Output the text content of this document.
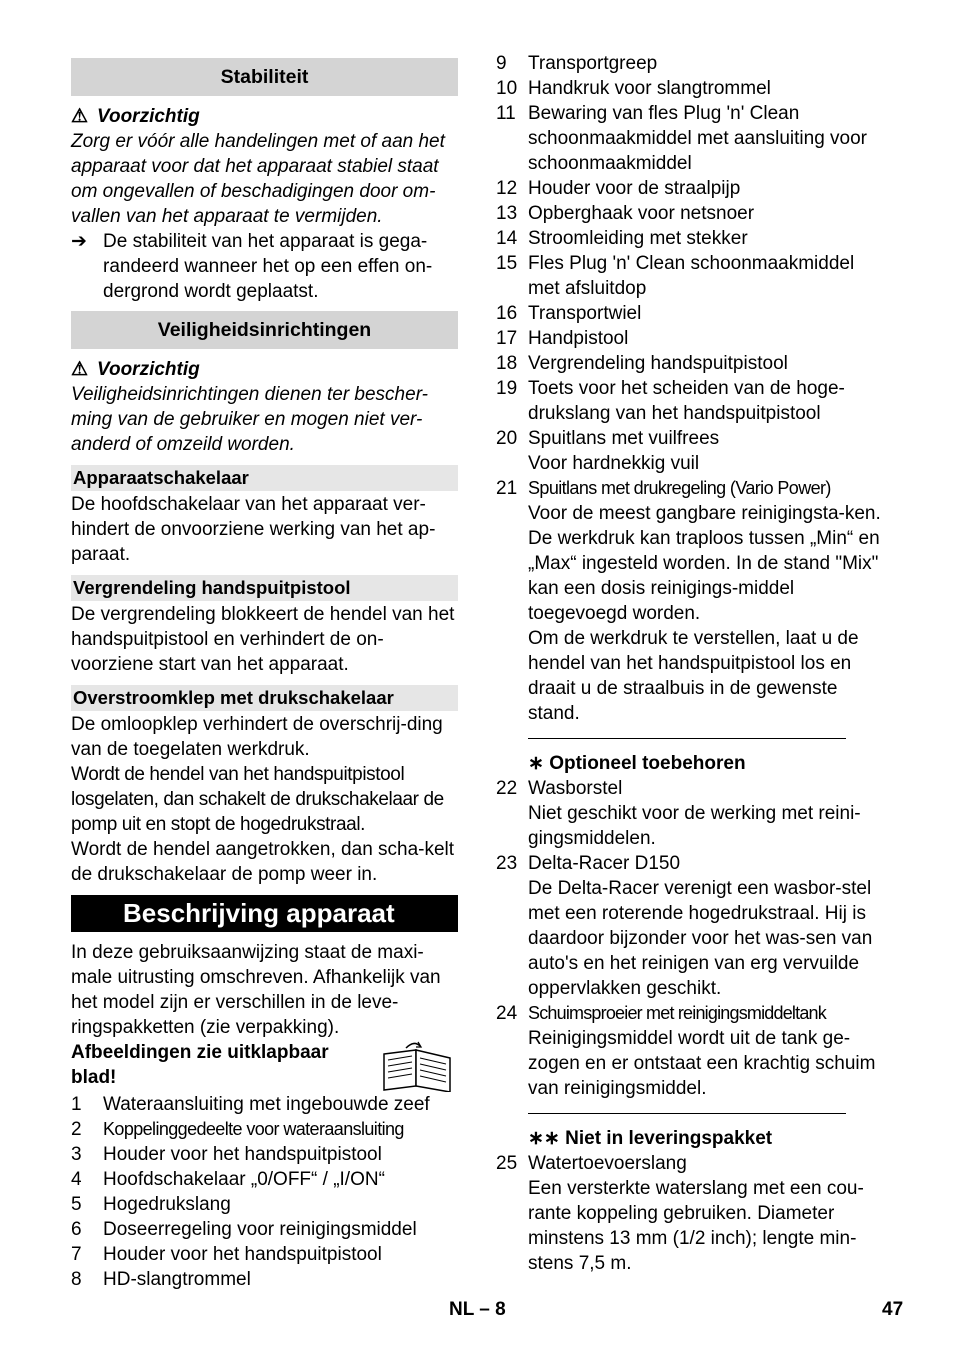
Stabiliteit
⚠ Voorzichtig

Zorg er vóór alle handelingen met of aan het apparaat voor dat het apparaat stabiel staat om ongevallen of beschadigingen door om-vallen van het apparaat te vermijden.

➔ De stabiliteit van het apparaat is gega-randeerd wanneer het op een effen on-dergrond wordt geplaatst.
Veiligheidsinrichtingen
⚠ Voorzichtig

Veiligheidsinrichtingen dienen ter bescher-ming van de gebruiker en mogen niet ver-anderd of omzeild worden.

Apparaatschakelaar

De hoofdschakelaar van het apparaat ver-hindert de onvoorziene werking van het ap-paraat.

Vergrendeling handspuitpistool

De vergrendeling blokkeert de hendel van het handspuitpistool en verhindert de on-voorziene start van het apparaat.

Overstroomklep met drukschakelaar

De omloopklep verhindert de overschrij-ding van de toegelaten werkdruk.

Wordt de hendel van het handspuitpistool losgelaten, dan schakelt de drukschakelaar de pomp uit en stopt de hogedrukstraal.

Wordt de hendel aangetrokken, dan scha-kelt de drukschakelaar de pomp weer in.

Beschrijving apparaat

In deze gebruiksaanwijzing staat de maxi-male uitrusting omschreven. Afhankelijk van het model zijn er verschillen in de leve-ringspakketten (zie verpakking).

Afbeeldingen zie uitklapbaar blad!
1	Wateraansluiting met ingebouwde zeef
2	Koppelinggedeelte voor wateraansluiting
3	Houder voor het handspuitpistool
4	Hoofdschakelaar „0/OFF“ / „I/ON“
5	Hogedrukslang
6	Doseerregeling voor reinigingsmiddel
7	Houder voor het handspuitpistool
8	HD-slangtrommel
9	Transportgreep
10 Handkruk voor slangtrommel
11 Bewaring van fles Plug 'n' Clean schoonmaakmiddel met aansluiting voor schoonmaakmiddel
12 Houder voor de straalpijp
13 Opberghaak voor netsnoer
14 Stroomleiding met stekker
15 Fles Plug 'n' Clean schoonmaakmiddel met afsluitdop
16 Transportwiel
17 Handpistool
18 Vergrendeling handspuitpistool
19 Toets voor het scheiden van de hoge-drukslang van het handspuitpistool
20 Spuitlans met vuilfrees

Voor hardnekkig vuil

21 Spuitlans met drukregeling (Vario Power)

Voor de meest gangbare reinigingsta-ken. De werkdruk kan traploos tussen „Min“ en „Max“ ingesteld worden. In de stand "Mix" kan een dosis reinigings-middel toegevoegd worden.

Om de werkdruk te verstellen, laat u de hendel van het handspuitpistool los en draait u de straalbuis in de gewenste stand.

∗ Optioneel toebehoren
22 Wasborstel

Niet geschikt voor de werking met reini-gingsmiddelen.

23 Delta-Racer D150

De Delta-Racer verenigt een wasbor-stel met een roterende hogedrukstraal. Hij is daardoor bijzonder voor het was-sen van auto's en het reinigen van erg vervuilde oppervlakken geschikt.

24 Schuimsproeier met reinigingsmiddeltank

Reinigingsmiddel wordt uit de tank ge-zogen en er ontstaat een krachtig schuim van reinigingsmiddel.

∗∗ Niet in leveringspakket
25 Watertoevoerslang

Een versterkte waterslang met een cou-rante koppeling gebruiken. Diameter minstens 13 mm (1/2 inch); lengte min-stens 7,5 m.

NL – 8	47
